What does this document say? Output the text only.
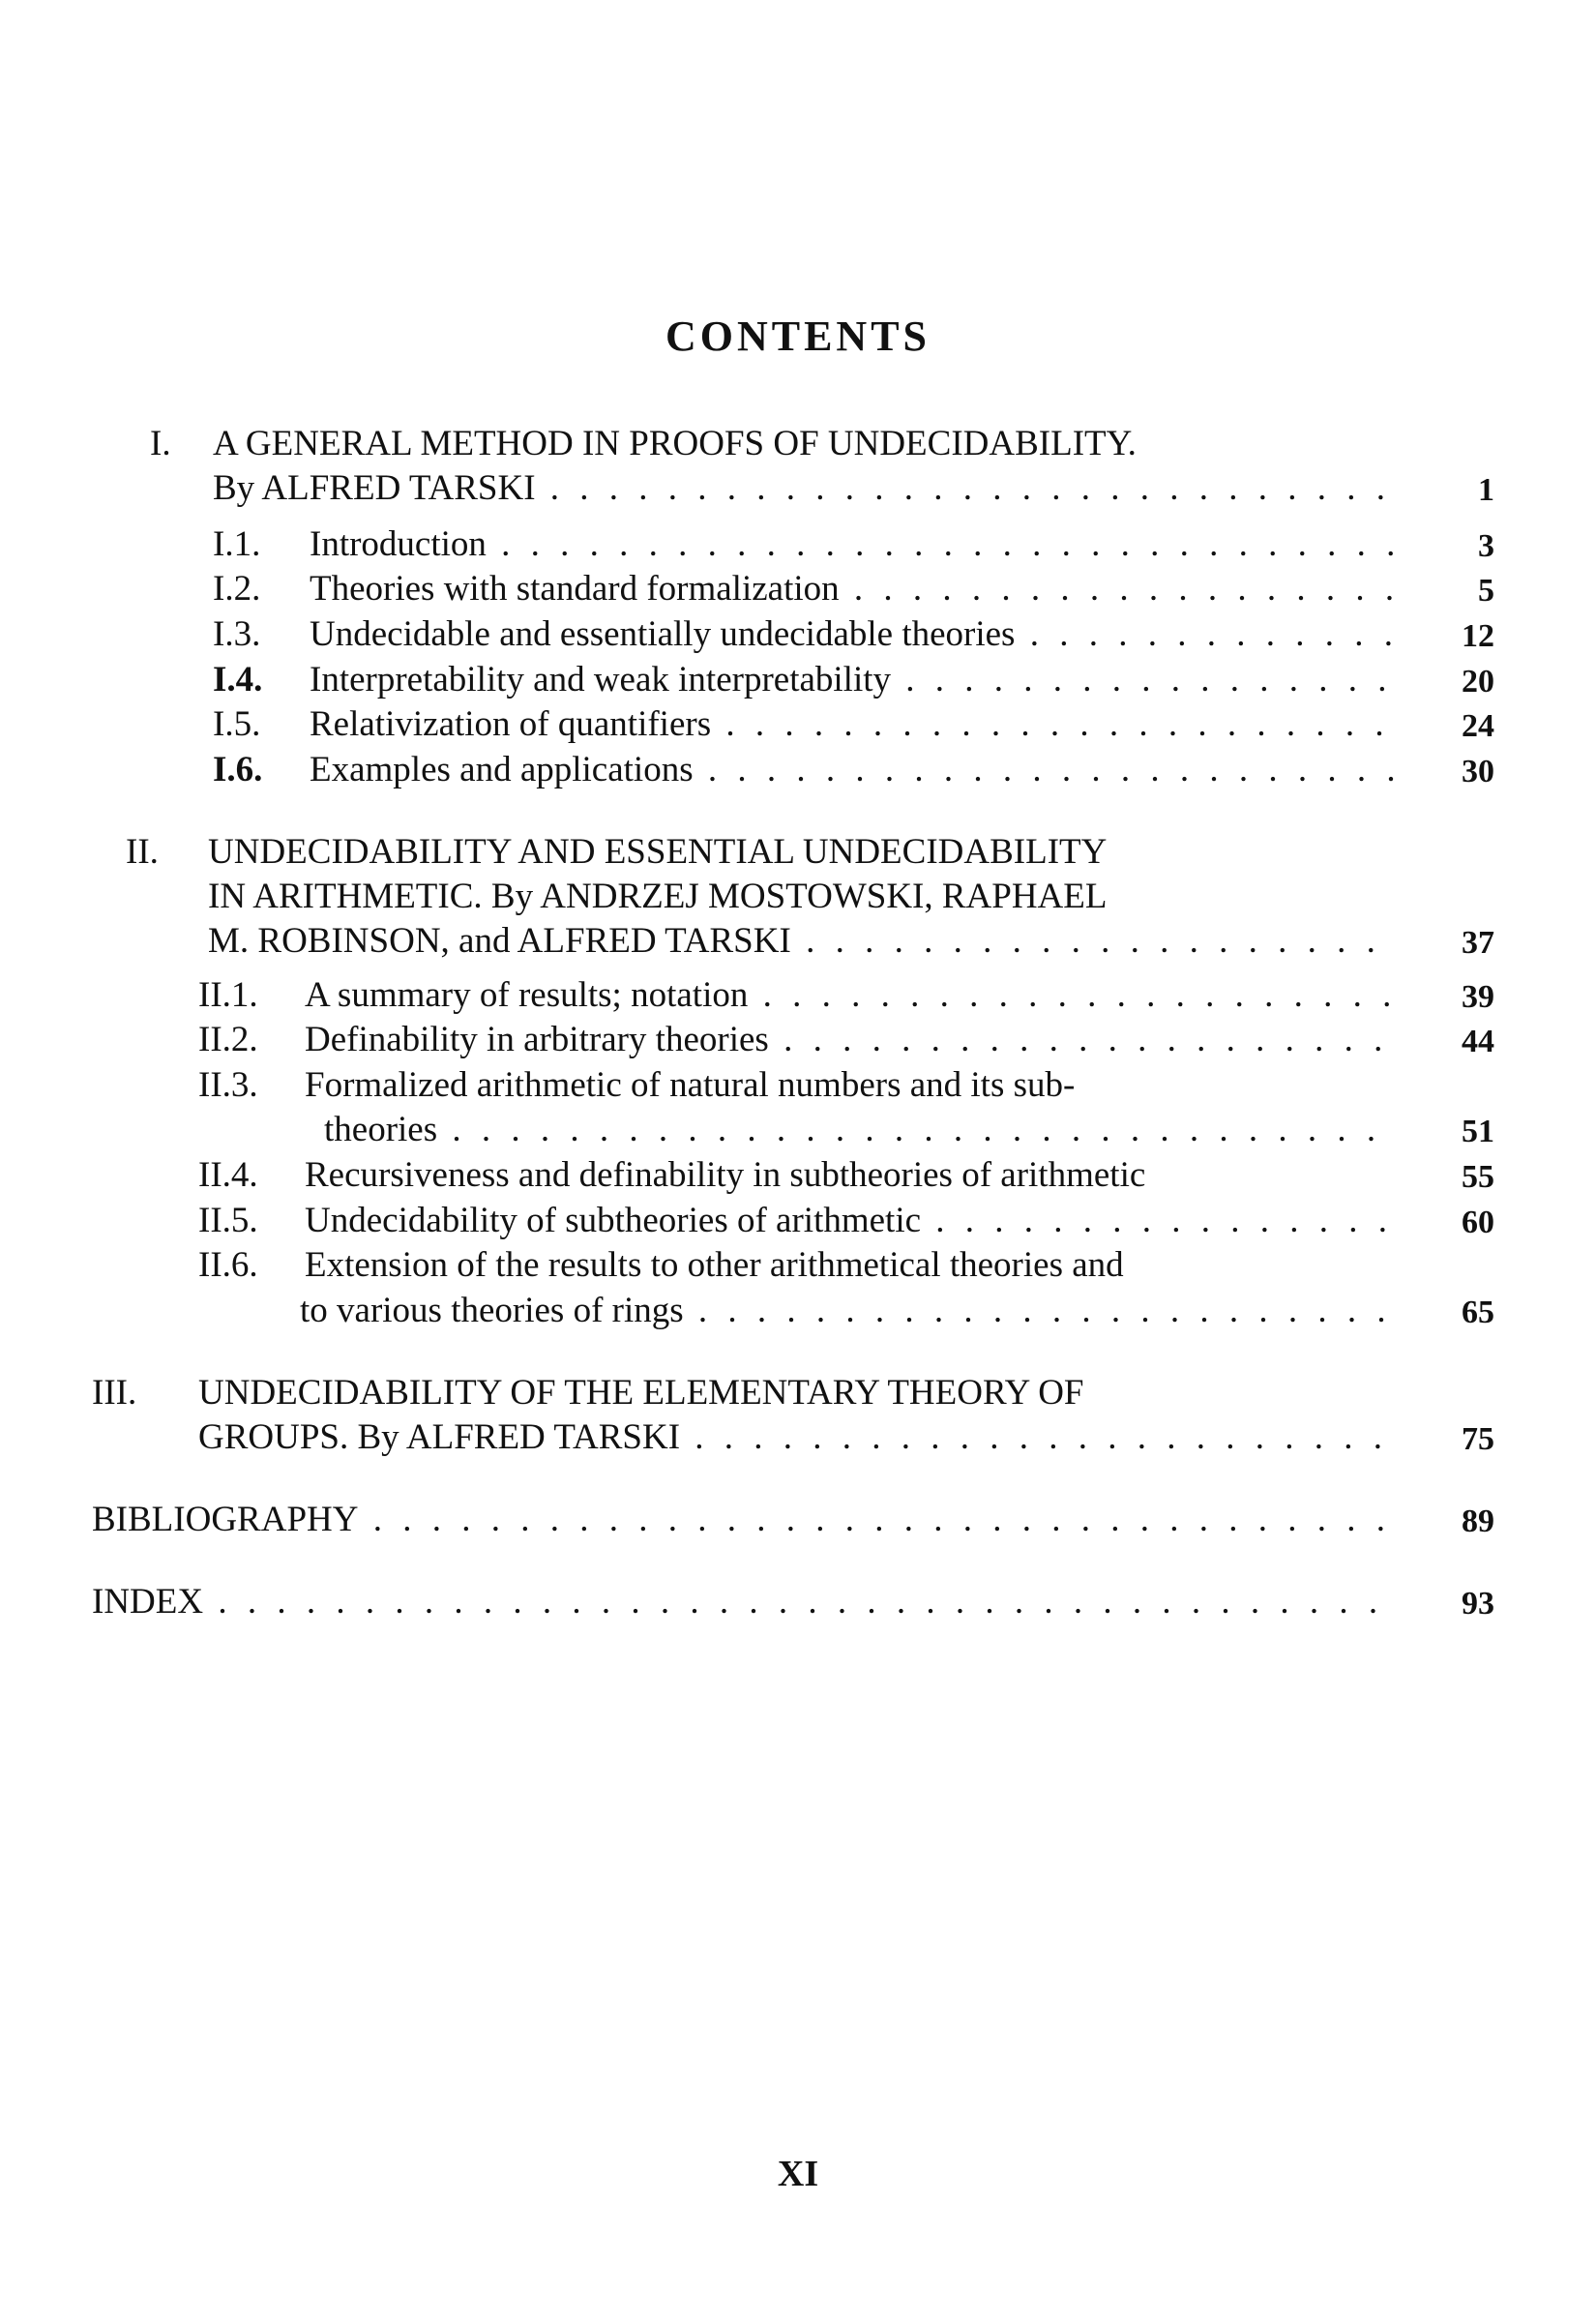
CONTENTS
I. A GENERAL METHOD IN PROOFS OF UNDECIDABILITY.
By ALFRED TARSKI . . .	1
I.1. Introduction . . .	3
I.2. Theories with standard formalization . . .	5
I.3. Undecidable and essentially undecidable theories . . .	12
I.4. Interpretability and weak interpretability . . .	20
I.5. Relativization of quantifiers . . .	24
I.6. Examples and applications . . .	30
II. UNDECIDABILITY AND ESSENTIAL UNDECIDABILITY
IN ARITHMETIC. By ANDRZEJ MOSTOWSKI, RAPHAEL
M. ROBINSON, and ALFRED TARSKI . . .	37
II.1. A summary of results; notation . . .	39
II.2. Definability in arbitrary theories . . .	44
II.3. Formalized arithmetic of natural numbers and its sub-
theories . . .	51
II.4. Recursiveness and definability in subtheories of arithmetic	55
II.5. Undecidability of subtheories of arithmetic . . .	60
II.6. Extension of the results to other arithmetical theories and
to various theories of rings . . .	65
III. UNDECIDABILITY OF THE ELEMENTARY THEORY OF
GROUPS. By ALFRED TARSKI . . .	75
BIBLIOGRAPHY . . .	89
INDEX . . .	93
XI
